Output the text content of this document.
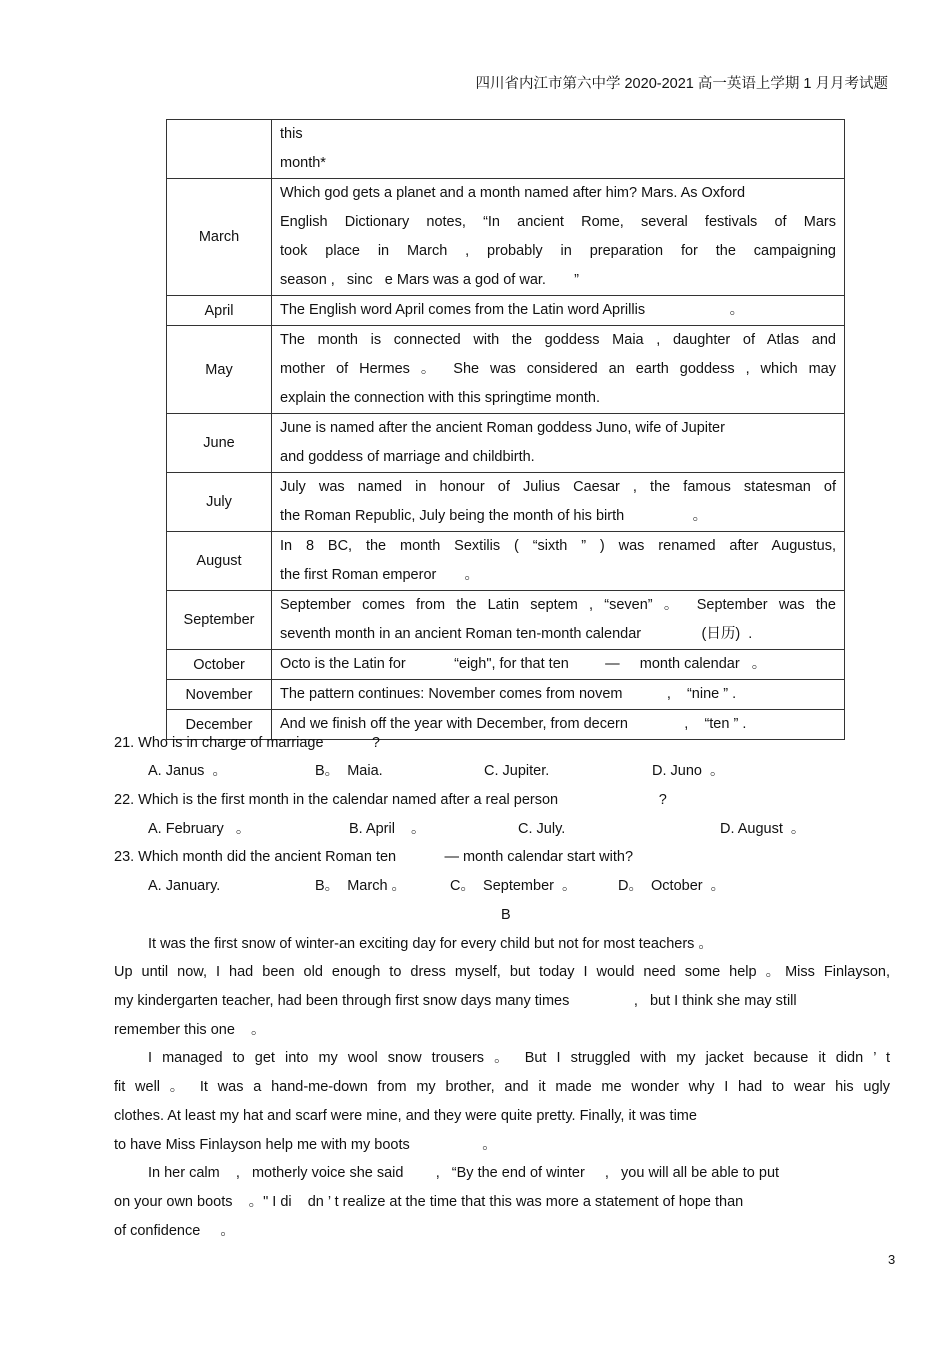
四川省内江市第六中学 2020-2021 高一英语上学期 1 月月考试题

	this
month*

March	Which god gets a planet and a month named after him? Mars. As Oxford
English Dictionary notes, “In ancient Rome, several festivals of Mars
took place in March , probably in preparation for the campaigning
season ,   sinc   e Mars was a god of war.       ”

April	The English word April comes from the Latin word Aprillis                     。

May	The month is connected with the goddess Maia , daughter of Atlas and
mother of Hermes 。 She was considered an earth goddess , which may
explain the connection with this springtime month.

June	June is named after the ancient Roman goddess Juno, wife of Jupiter
and goddess of marriage and childbirth.

July	July was named in honour of Julius Caesar , the famous statesman of
the Roman Republic, July being the month of his birth                 。

August	In 8 BC, the month Sextilis ( “sixth ” ) was renamed after Augustus,
the first Roman emperor       。

September	September comes from the Latin septem , “seven” 。 September was the
seventh month in an ancient Roman ten-month calendar               (日历)  .

October	Octo is the Latin for            “eigh", for that ten         —     month calendar   。

November	The pattern continues: November comes from novem           ,    “nine ” .

December	And we finish off the year with December, from decern              ,    “ten ” .
21. Who is in charge of marriage            ?
A. Janus  。	B。  Maia.	C. Jupiter.	D. Juno  。
22. Which is the first month in the calendar named after a real person                         ?
A. February   。	B. April    。	C. July.	D. August  。
23. Which month did the ancient Roman ten            — month calendar start with?
A. January.	B。  March 。	C。  September  。	D。  October  。
B
It was the first snow of winter-an exciting day for every child but not for most teachers 。
Up until now, I had been old enough to dress myself, but today I would need some help 。Miss Finlayson,
my kindergarten teacher, had been through first snow days many times                ,   but I think she may still
remember this one    。
I managed to get into my wool snow trousers 。 But I struggled with my jacket because it didn ’ t
fit well 。 It was a hand-me-down from my brother, and it made me wonder why I had to wear his ugly
clothes. At least my hat and scarf were mine, and they were quite pretty. Finally, it was time
to have Miss Finlayson help me with my boots                  。
In her calm    ,   motherly voice she said        ,   “By the end of winter     ,   you will all be able to put
on your own boots    。" I di    dn ’ t realize at the time that this was more a statement of hope than
of confidence     。
3
